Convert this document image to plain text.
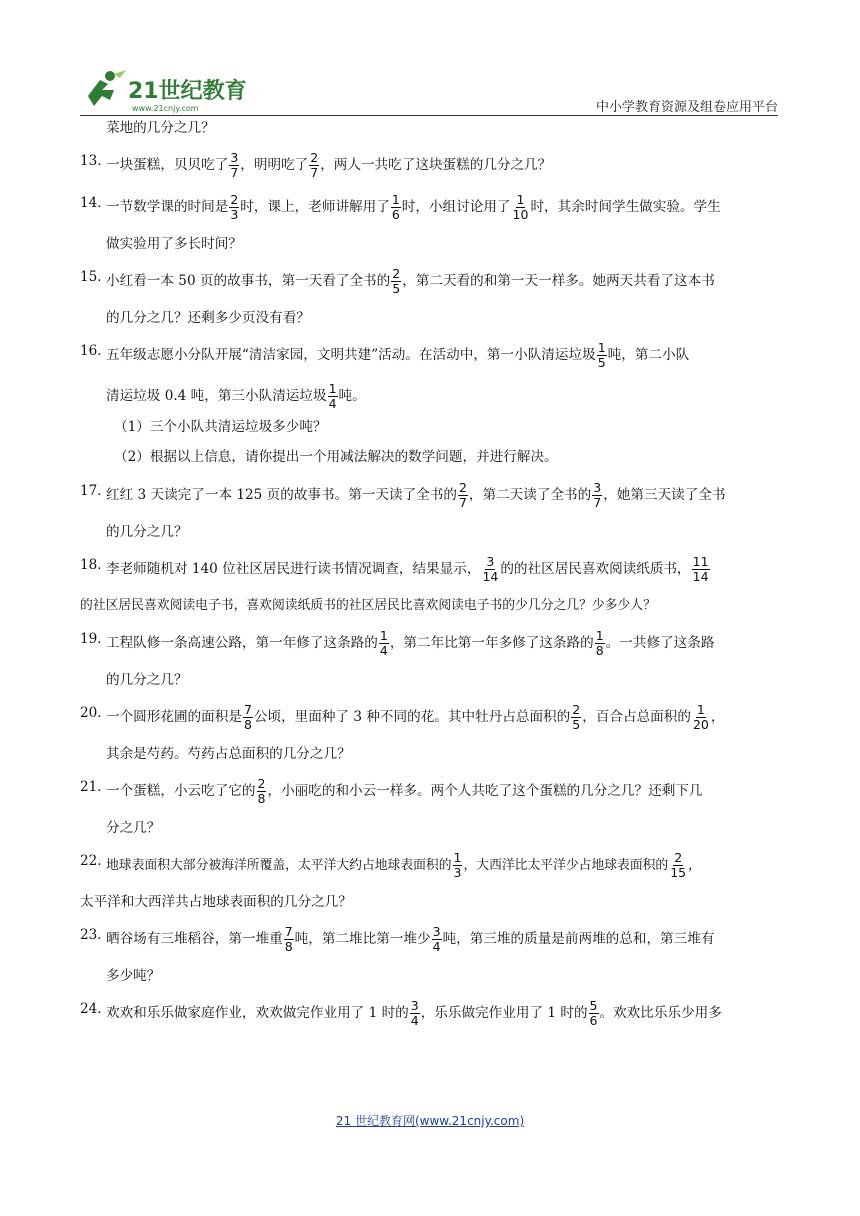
21世纪教育
www.21cnjy.com	中小学教育资源及组卷应用平台
菜地的几分之几？
13．
一块蛋糕，贝贝吃了 $\frac{3}{7}$ ，明明吃了 $\frac{2}{7}$ ，两人一共吃了这块蛋糕的几分之几？
14．
一节数学课的时间是 $\frac{2}{3}$ 时，课上，老师讲解用了 $\frac{1}{6}$ 时，小组讨论用了 $\frac{1}{10}$ 时，其余时间学生做实验。学生
做实验用了多长时间？
15．
小红看一本 50 页的故事书，第一天看了全书的 $\frac{2}{5}$ ，第二天看的和第一天一样多。她两天共看了这本书
的几分之几？还剩多少页没有看？
16．
五年级志愿小分队开展“清洁家园，文明共建”活动。在活动中，第一小队清运垃圾 $\frac{1}{5}$ 吨，第二小队
清运垃圾 0.4 吨，第三小队清运垃圾 $\frac{1}{4}$ 吨。
（1）三个小队共清运垃圾多少吨？
（2）根据以上信息，请你提出一个用减法解决的数学问题，并进行解决。
17．
红红 3 天读完了一本 125 页的故事书。第一天读了全书的 $\frac{2}{7}$ ，第二天读了全书的 $\frac{3}{7}$ ，她第三天读了全书
的几分之几？
18．
李老师随机对 140 位社区居民进行读书情况调查，结果显示， $\frac{3}{14}$ 的的社区居民喜欢阅读纸质书， $\frac{11}{14}$
的社区居民喜欢阅读电子书，喜欢阅读纸质书的社区居民比喜欢阅读电子书的少几分之几？少多少人？
19．
工程队修一条高速公路，第一年修了这条路的 $\frac{1}{4}$ ，第二年比第一年多修了这条路的 $\frac{1}{8}$ 。一共修了这条路
的几分之几？
20．
一个圆形花圃的面积是 $\frac{7}{8}$ 公顷，里面种了 3 种不同的花。其中牡丹占总面积的 $\frac{2}{5}$ ，百合占总面积的 $\frac{1}{20}$ ，
其余是芍药。芍药占总面积的几分之几？
21．
一个蛋糕，小云吃了它的 $\frac{2}{8}$ ，小丽吃的和小云一样多。两个人共吃了这个蛋糕的几分之几？还剩下几
分之几？
22. 地球表面积大部分被海洋所覆盖，太平洋大约占地球表面积的 $\frac{1}{3}$ ，大西洋比太平洋少占地球表面积的 $\frac{2}{15}$ ，
太平洋和大西洋共占地球表面积的几分之几？
23．
晒谷场有三堆稻谷，第一堆重 $\frac{7}{8}$ 吨，第二堆比第一堆少 $\frac{3}{4}$ 吨，第三堆的质量是前两堆的总和，第三堆有
多少吨？
24．
欢欢和乐乐做家庭作业，欢欢做完作业用了 1 时的 $\frac{3}{4}$ ，乐乐做完作业用了 1 时的 $\frac{5}{6}$ 。欢欢比乐乐少用多
21 世纪教育网(www.21cnjy.com)
